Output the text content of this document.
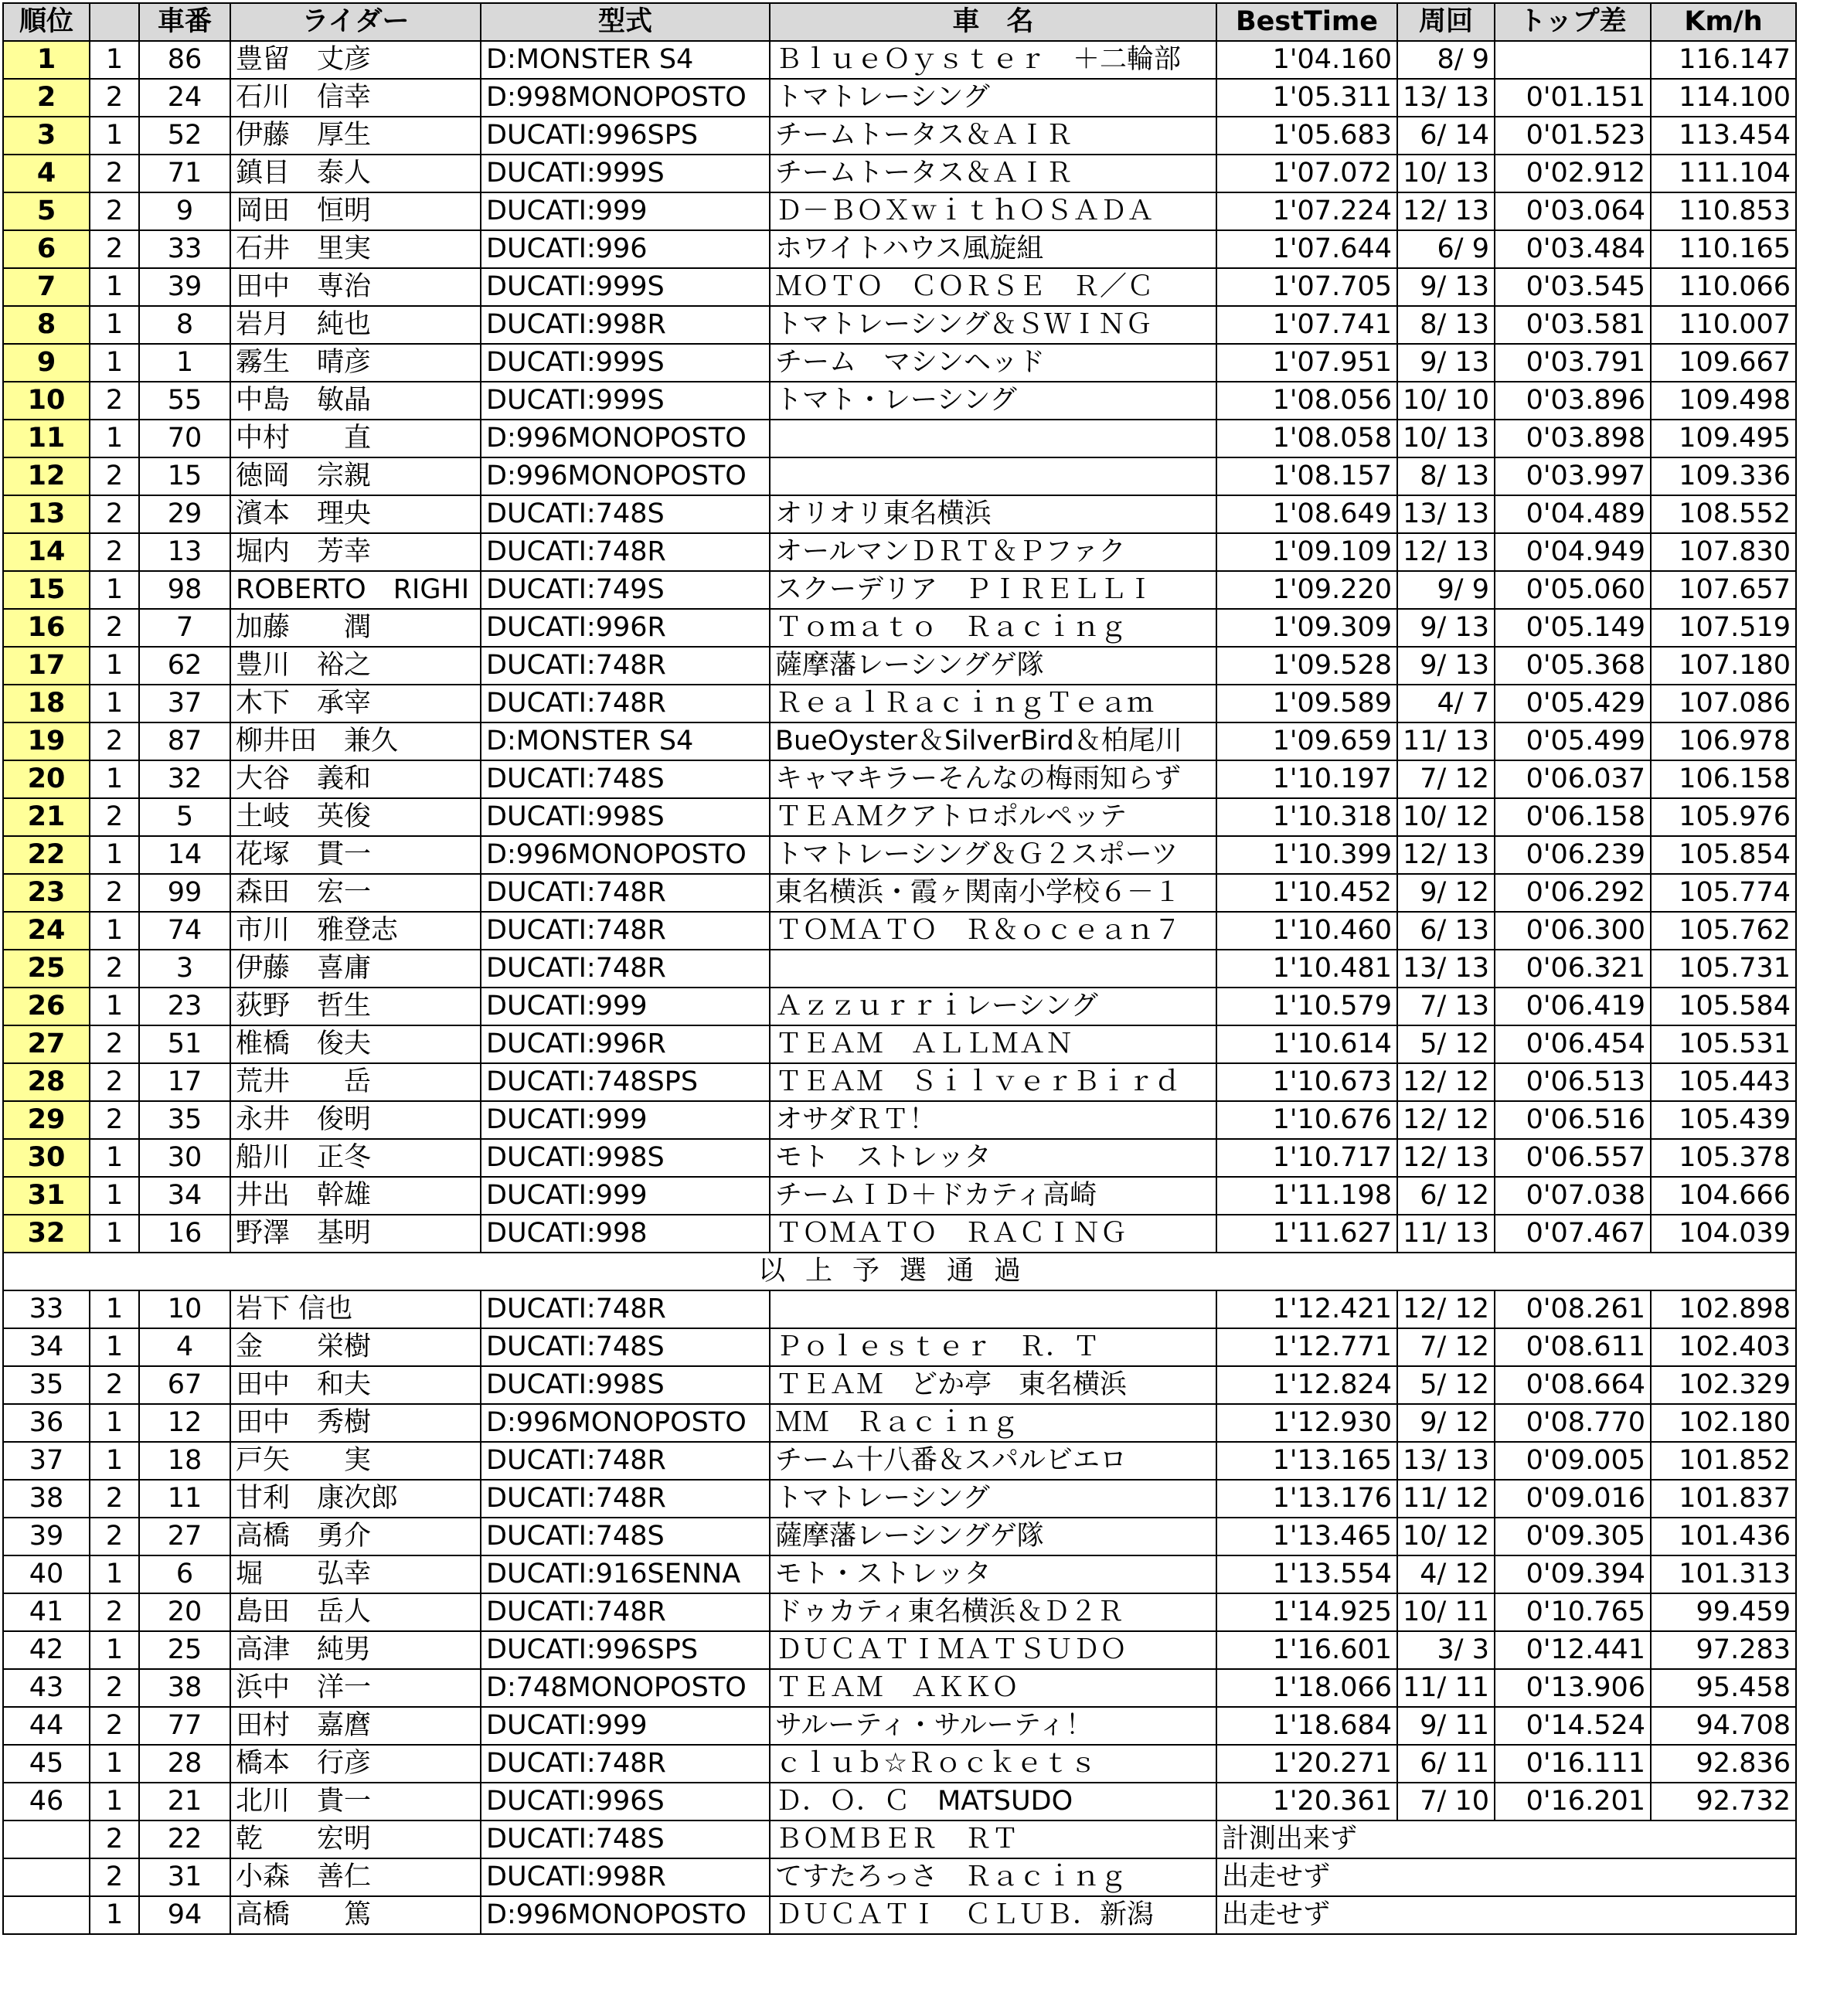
順位		車番	ライダー	型式	車　名	BestTime	周回	トップ差	Km/h
1	1	86	豊留　丈彦	D:MONSTER S4	ＢｌｕｅＯｙｓｔｅｒ　＋二輪部	1'04.160	8/ 9		116.147
2	2	24	石川　信幸	D:998MONOPOSTO	トマトレーシング	1'05.311	13/ 13	0'01.151	114.100
3	1	52	伊藤　厚生	DUCATI:996SPS	チームトータス＆ＡＩＲ	1'05.683	6/ 14	0'01.523	113.454
4	2	71	鎮目　泰人	DUCATI:999S	チームトータス＆ＡＩＲ	1'07.072	10/ 13	0'02.912	111.104
5	2	9	岡田　恒明	DUCATI:999	Ｄ－ＢＯＸｗｉｔｈＯＳＡＤＡ	1'07.224	12/ 13	0'03.064	110.853
6	2	33	石井　里実	DUCATI:996	ホワイトハウス風旋組	1'07.644	6/ 9	0'03.484	110.165
7	1	39	田中　専治	DUCATI:999S	ＭＯＴＯ　ＣＯＲＳＥ　Ｒ／Ｃ	1'07.705	9/ 13	0'03.545	110.066
8	1	8	岩月　純也	DUCATI:998R	トマトレーシング＆ＳＷＩＮＧ	1'07.741	8/ 13	0'03.581	110.007
9	1	1	霧生　晴彦	DUCATI:999S	チーム　マシンヘッド	1'07.951	9/ 13	0'03.791	109.667
10	2	55	中島　敏晶	DUCATI:999S	トマト・レーシング	1'08.056	10/ 10	0'03.896	109.498
11	1	70	中村　　直	D:996MONOPOSTO		1'08.058	10/ 13	0'03.898	109.495
12	2	15	徳岡　宗親	D:996MONOPOSTO		1'08.157	8/ 13	0'03.997	109.336
13	2	29	濱本　理央	DUCATI:748S	オリオリ東名横浜	1'08.649	13/ 13	0'04.489	108.552
14	2	13	堀内　芳幸	DUCATI:748R	オールマンＤＲＴ＆Ｐファク	1'09.109	12/ 13	0'04.949	107.830
15	1	98	ROBERTO　RIGHI	DUCATI:749S	スクーデリア　ＰＩＲＥＬＬＩ	1'09.220	9/ 9	0'05.060	107.657
16	2	7	加藤　　潤	DUCATI:996R	Ｔｏｍａｔｏ　Ｒａｃｉｎｇ	1'09.309	9/ 13	0'05.149	107.519
17	1	62	豊川　裕之	DUCATI:748R	薩摩藩レーシングゲ隊	1'09.528	9/ 13	0'05.368	107.180
18	1	37	木下　承宰	DUCATI:748R	ＲｅａｌＲａｃｉｎｇＴｅａｍ	1'09.589	4/ 7	0'05.429	107.086
19	2	87	柳井田　兼久	D:MONSTER S4	BueOyster＆SilverBird＆柏尾川	1'09.659	11/ 13	0'05.499	106.978
20	1	32	大谷　義和	DUCATI:748S	キャマキラーそんなの梅雨知らず	1'10.197	7/ 12	0'06.037	106.158
21	2	5	土岐　英俊	DUCATI:998S	ＴＥＡＭクアトロポルペッテ	1'10.318	10/ 12	0'06.158	105.976
22	1	14	花塚　貫一	D:996MONOPOSTO	トマトレーシング＆Ｇ２スポーツ	1'10.399	12/ 13	0'06.239	105.854
23	2	99	森田　宏一	DUCATI:748R	東名横浜・霞ヶ関南小学校６－１	1'10.452	9/ 12	0'06.292	105.774
24	1	74	市川　雅登志	DUCATI:748R	ＴＯＭＡＴＯ　Ｒ＆ｏｃｅａｎ７	1'10.460	6/ 13	0'06.300	105.762
25	2	3	伊藤　喜庸	DUCATI:748R		1'10.481	13/ 13	0'06.321	105.731
26	1	23	荻野　哲生	DUCATI:999	Ａｚｚｕｒｒｉレーシング	1'10.579	7/ 13	0'06.419	105.584
27	2	51	椎橋　俊夫	DUCATI:996R	ＴＥＡＭ　ＡＬＬＭＡＮ	1'10.614	5/ 12	0'06.454	105.531
28	2	17	荒井　　岳	DUCATI:748SPS	ＴＥＡＭ　ＳｉｌｖｅｒＢｉｒｄ	1'10.673	12/ 12	0'06.513	105.443
29	2	35	永井　俊明	DUCATI:999	オサダＲＴ！	1'10.676	12/ 12	0'06.516	105.439
30	1	30	船川　正冬	DUCATI:998S	モト　ストレッタ	1'10.717	12/ 13	0'06.557	105.378
31	1	34	井出　幹雄	DUCATI:999	チームＩＤ＋ドカティ高崎	1'11.198	6/ 12	0'07.038	104.666
32	1	16	野澤　基明	DUCATI:998	ＴＯＭＡＴＯ　ＲＡＣＩＮＧ	1'11.627	11/ 13	0'07.467	104.039
以上予選通過									
33	1	10	岩下 信也	DUCATI:748R		1'12.421	12/ 12	0'08.261	102.898
34	1	4	金　　栄樹	DUCATI:748S	Ｐｏｌｅｓｔｅｒ　Ｒ．Ｔ	1'12.771	7/ 12	0'08.611	102.403
35	2	67	田中　和夫	DUCATI:998S	ＴＥＡＭ　どか亭　東名横浜	1'12.824	5/ 12	0'08.664	102.329
36	1	12	田中　秀樹	D:996MONOPOSTO	ＭＭ　Ｒａｃｉｎｇ	1'12.930	9/ 12	0'08.770	102.180
37	1	18	戸矢　　実	DUCATI:748R	チーム十八番＆スパルビエロ	1'13.165	13/ 13	0'09.005	101.852
38	2	11	甘利　康次郎	DUCATI:748R	トマトレーシング	1'13.176	11/ 12	0'09.016	101.837
39	2	27	高橋　勇介	DUCATI:748S	薩摩藩レーシングゲ隊	1'13.465	10/ 12	0'09.305	101.436
40	1	6	堀　　弘幸	DUCATI:916SENNA	モト・ストレッタ	1'13.554	4/ 12	0'09.394	101.313
41	2	20	島田　岳人	DUCATI:748R	ドゥカティ東名横浜＆Ｄ２Ｒ	1'14.925	10/ 11	0'10.765	99.459
42	1	25	高津　純男	DUCATI:996SPS	ＤＵＣＡＴＩＭＡＴＳＵＤＯ	1'16.601	3/ 3	0'12.441	97.283
43	2	38	浜中　洋一	D:748MONOPOSTO	ＴＥＡＭ　ＡＫＫＯ	1'18.066	11/ 11	0'13.906	95.458
44	2	77	田村　嘉麿	DUCATI:999	サルーティ・サルーティ！	1'18.684	9/ 11	0'14.524	94.708
45	1	28	橋本　行彦	DUCATI:748R	ｃｌｕｂ☆Ｒｏｃｋｅｔｓ	1'20.271	6/ 11	0'16.111	92.836
46	1	21	北川　貴一	DUCATI:996S	Ｄ．Ｏ．Ｃ　MATSUDO	1'20.361	7/ 10	0'16.201	92.732
	2	22	乾　　宏明	DUCATI:748S	ＢＯＭＢＥＲ　ＲＴ	計測出来ず			
	2	31	小森　善仁	DUCATI:998R	てすたろっさ　Ｒａｃｉｎｇ	出走せず			
	1	94	高橋　　篤	D:996MONOPOSTO	ＤＵＣＡＴＩ　ＣＬＵＢ．新潟	出走せず			
